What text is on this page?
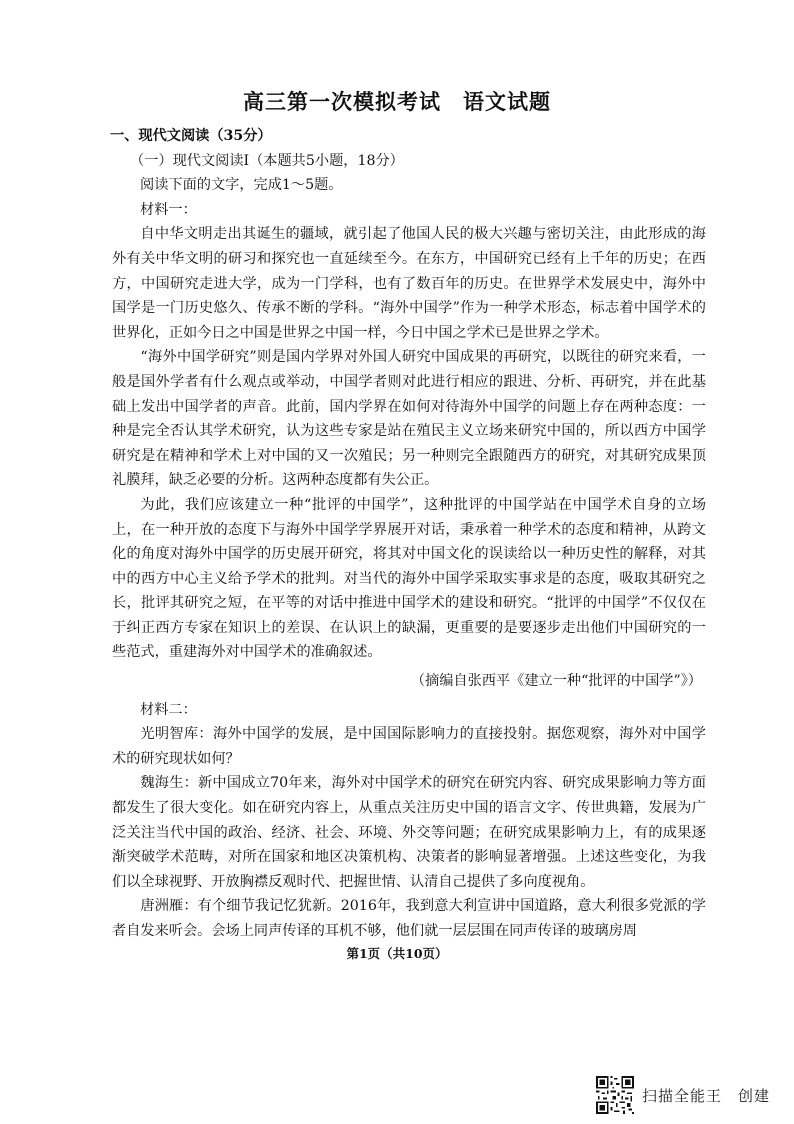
高三第一次模拟考试　语文试题
一、现代文阅读（35分）
（一）现代文阅读Ⅰ（本题共5小题，18分）
阅读下面的文字，完成1～5题。
材料一：

自中华文明走出其诞生的疆域，就引起了他国人民的极大兴趣与密切关注，由此形成的海外有关中华文明的研习和探究也一直延续至今。在东方，中国研究已经有上千年的历史；在西方，中国研究走进大学，成为一门学科，也有了数百年的历史。在世界学术发展史中，海外中国学是一门历史悠久、传承不断的学科。“海外中国学”作为一种学术形态，标志着中国学术的世界化，正如今日之中国是世界之中国一样，今日中国之学术已是世界之学术。

“海外中国学研究”则是国内学界对外国人研究中国成果的再研究，以既往的研究来看，一般是国外学者有什么观点或举动，中国学者则对此进行相应的跟进、分析、再研究，并在此基础上发出中国学者的声音。此前，国内学界在如何对待海外中国学的问题上存在两种态度：一种是完全否认其学术研究，认为这些专家是站在殖民主义立场来研究中国的，所以西方中国学研究是在精神和学术上对中国的又一次殖民；另一种则完全跟随西方的研究，对其研究成果顶礼膜拜，缺乏必要的分析。这两种态度都有失公正。

为此，我们应该建立一种“批评的中国学”，这种批评的中国学站在中国学术自身的立场上，在一种开放的态度下与海外中国学学界展开对话，秉承着一种学术的态度和精神，从跨文化的角度对海外中国学的历史展开研究，将其对中国文化的误读给以一种历史性的解释，对其中的西方中心主义给予学术的批判。对当代的海外中国学采取实事求是的态度，吸取其研究之长，批评其研究之短，在平等的对话中推进中国学术的建设和研究。“批评的中国学”不仅仅在于纠正西方专家在知识上的差误、在认识上的缺漏，更重要的是要逐步走出他们中国研究的一些范式，重建海外对中国学术的准确叙述。

（摘编自张西平《建立一种“批评的中国学”》）
材料二：

光明智库：海外中国学的发展，是中国国际影响力的直接投射。据您观察，海外对中国学术的研究现状如何？

魏海生：新中国成立70年来，海外对中国学术的研究在研究内容、研究成果影响力等方面都发生了很大变化。如在研究内容上，从重点关注历史中国的语言文字、传世典籍，发展为广泛关注当代中国的政治、经济、社会、环境、外交等问题；在研究成果影响力上，有的成果逐渐突破学术范畴，对所在国家和地区决策机构、决策者的影响显著增强。上述这些变化，为我们以全球视野、开放胸襟反观时代、把握世情、认清自己提供了多向度视角。

唐洲雁：有个细节我记忆犹新。2016年，我到意大利宣讲中国道路，意大利很多党派的学者自发来听会。会场上同声传译的耳机不够，他们就一层层围在同声传译的玻璃房周

第1页（共10页）
扫描全能王　创建
